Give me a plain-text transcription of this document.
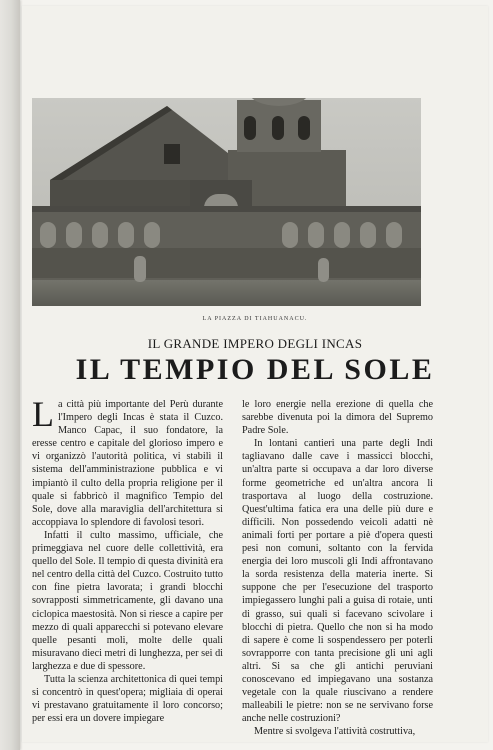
LA PIAZZA DI TIAHUANACU.
IL GRANDE IMPERO DEGLI INCAS
IL TEMPIO DEL SOLE

La città più importante del Perù durante l'Impero degli Incas è stata il Cuzco. Manco Capac, il suo fondatore, la eresse centro e capitale del glorioso impero e vi organizzò l'autorità politica, vi stabilì il sistema dell'amministrazione pubblica e vi impiantò il culto della propria religione per il quale si fabbricò il magnifico Tempio del Sole, dove alla maraviglia dell'architettura si accoppiava lo splendore di favolosi tesori.

Infatti il culto massimo, ufficiale, che primeggiava nel cuore delle collettività, era quello del Sole. Il tempio di questa divinità era nel centro della città del Cuzco. Costruito tutto con fine pietra lavorata; i grandi blocchi sovrapposti simmetricamente, gli davano una ciclopica maestosità. Non si riesce a capire per mezzo di quali apparecchi si potevano elevare quelle pesanti moli, molte delle quali misuravano dieci metri di lunghezza, per sei di larghezza e due di spessore.

Tutta la scienza architettonica di quei tempi si concentrò in quest'opera; migliaia di operai vi prestavano gratuitamente il loro concorso; per essi era un dovere impiegare

le loro energie nella erezione di quella che sarebbe divenuta poi la dimora del Supremo Padre Sole.

In lontani cantieri una parte degli Indi tagliavano dalle cave i massicci blocchi, un'altra parte si occupava a dar loro diverse forme geometriche ed un'altra ancora li trasportava al luogo della costruzione. Quest'ultima fatica era una delle più dure e difficili. Non possedendo veicoli adatti nè animali forti per portare a piè d'opera questi pesi non comuni, soltanto con la fervida energia dei loro muscoli gli Indi affrontavano la sorda resistenza della materia inerte. Si suppone che per l'esecuzione del trasporto impiegassero lunghi pali a guisa di rotaie, unti di grasso, sui quali si facevano scivolare i blocchi di pietra. Quello che non si ha modo di sapere è come li sospendessero per poterli sovrapporre con tanta precisione gli uni agli altri. Si sa che gli antichi peruviani conoscevano ed impiegavano una sostanza vegetale con la quale riuscivano a rendere malleabili le pietre: non se ne servivano forse anche nelle costruzioni?

Mentre si svolgeva l'attività costruttiva,
